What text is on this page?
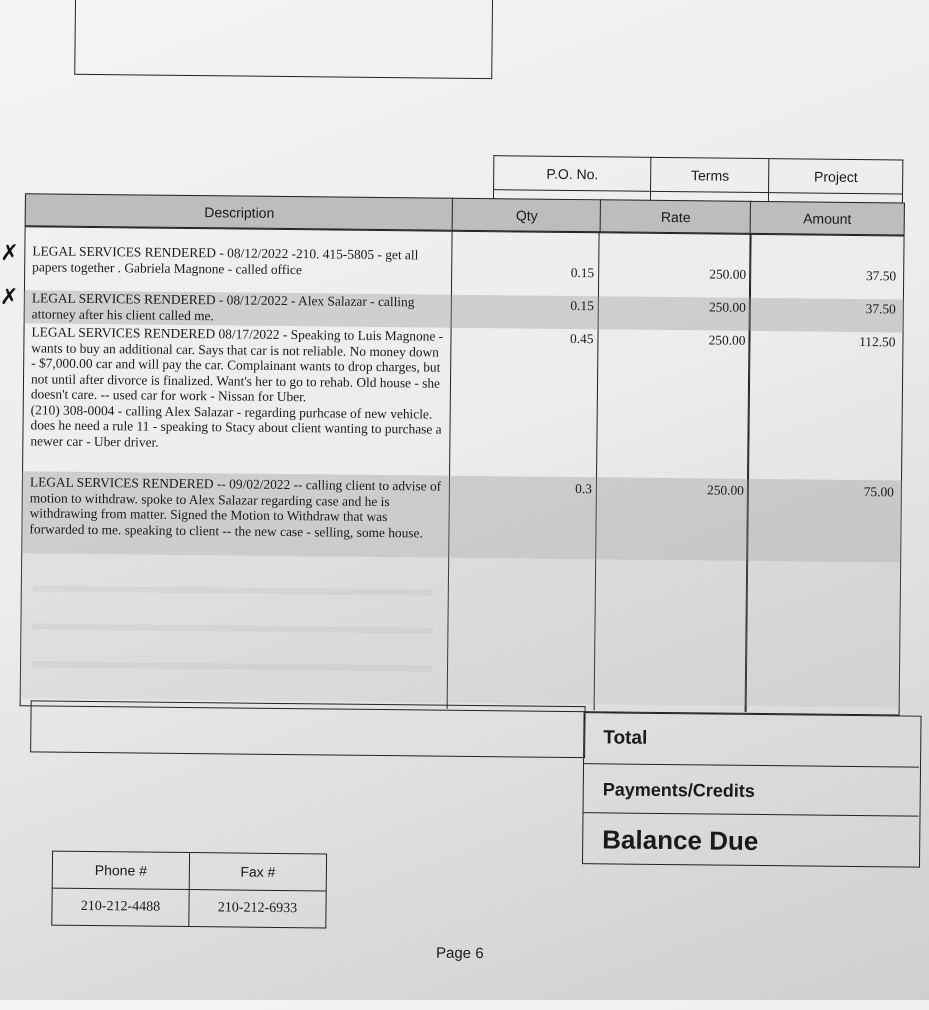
P.O. No.	Terms	Project

Description	Qty	Rate	Amount
LEGAL SERVICES RENDERED - 08/12/2022 -210. 415-5805 - get all papers together . Gabriela Magnone - called office	0.15	250.00	37.50
✗
LEGAL SERVICES RENDERED - 08/12/2022 - Alex Salazar - calling attorney after his client called me.
0.15	250.00	37.50
✗
LEGAL SERVICES RENDERED 08/17/2022 - Speaking to Luis Magnone - wants to buy an additional car. Says that car is not reliable. No money down - $7,000.00 car and will pay the car. Complainant wants to drop charges, but not until after divorce is finalized. Want's her to go to rehab. Old house - she doesn't care. -- used car for work - Nissan for Uber.
(210) 308-0004 - calling Alex Salazar - regarding purhcase of new vehicle. does he need a rule 11 - speaking to Stacy about client wanting to purchase a newer car - Uber driver.
0.45	250.00	112.50
LEGAL SERVICES RENDERED -- 09/02/2022 -- calling client to advise of motion to withdraw. spoke to Alex Salazar regarding case and he is withdrawing from matter. Signed the Motion to Withdraw that was forwarded to me. speaking to client -- the new case - selling, some house.
0.3	250.00	75.00
Total
Payments/Credits
Balance Due
Phone #	Fax #
210-212-4488	210-212-6933
Page 6
